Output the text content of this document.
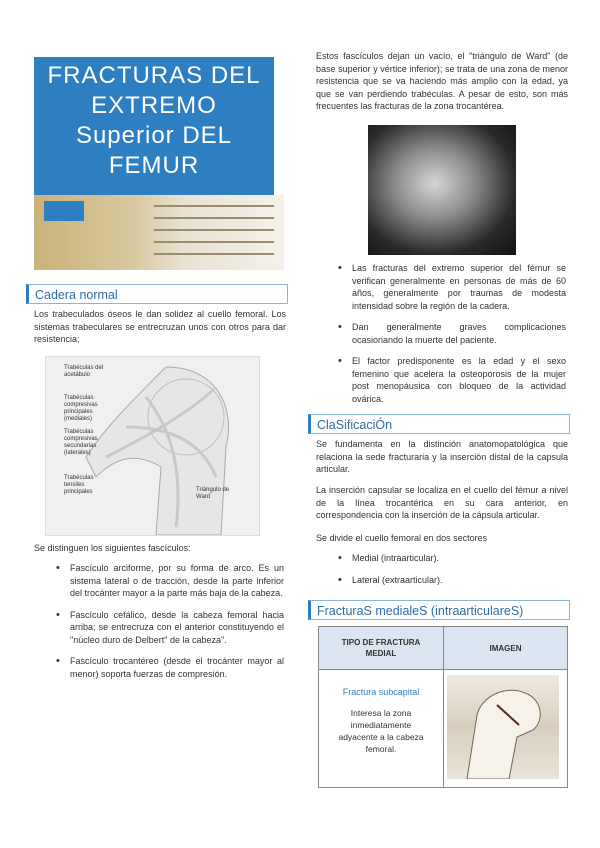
FRACTURAS DEL
EXTREMO
Superior DEL
FEMUR
Cadera normal
Los trabeculados óseos le dan solidez al cuello femoral. Los sistemas trabeculares se entrecruzan unos con otros para dar resistencia;
Trabéculas del acetábulo
Trabéculas compresivas principales (mediales)
Trabéculas compresivas secundarias (laterales)
Trabéculas tensiles principales	Triángulo de Ward
Se distinguen los siguientes fascículos:
• Fascículo arciforme, por su forma de arco. Es un sistema lateral o de tracción, desde la parte inferior del trocánter mayor a la parte más baja de la cabeza.
• Fascículo cefálico, desde la cabeza femoral hacia arriba; se entrecruza con el anterior constituyendo el "núcleo duro de Delbert" de la cabeza".
• Fascículo trocantéreo (desde el trocánter mayor al menor) soporta fuerzas de compresión.
Estos fascículos dejan un vacío, el "triángulo de Ward" (de base superior y vértice inferior); se trata de una zona de menor resistencia que se va haciendo más amplio con la edad, ya que se van perdiendo trabéculas. A pesar de esto, son más frecuentes las fracturas de la zona trocantérea.
• Las fracturas del extremo superior del fémur se verifican generalmente en personas de más de 60 años, generalmente por traumas de modesta intensidad sobre la región de la cadera.
• Dan generalmente graves complicaciones ocasionando la muerte del paciente.
• El factor predisponente es la edad y el sexo femenino que acelera la osteoporosis de la mujer post menopáusica con bloqueo de la actividad ovárica.
ClaSificaciÓn
Se fundamenta en la distinción anatomopatológica que relaciona la sede fracturaria y la inserción distal de la capsula articular.
La inserción capsular se localiza en el cuello del fémur a nivel de la línea trocantérica en su cara anterior, en correspondencia con la inserción de la cápsula articular.
Se divide el cuello femoral en dos sectores
• Medial (intraarticular).
• Lateral (extraarticular).
FracturaS medialeS (intraarticulareS)
TIPO DE FRACTURA MEDIAL
IMAGEN
Fractura subcapital
Interesa la zona inmediatamente adyacente a la cabeza femoral.
